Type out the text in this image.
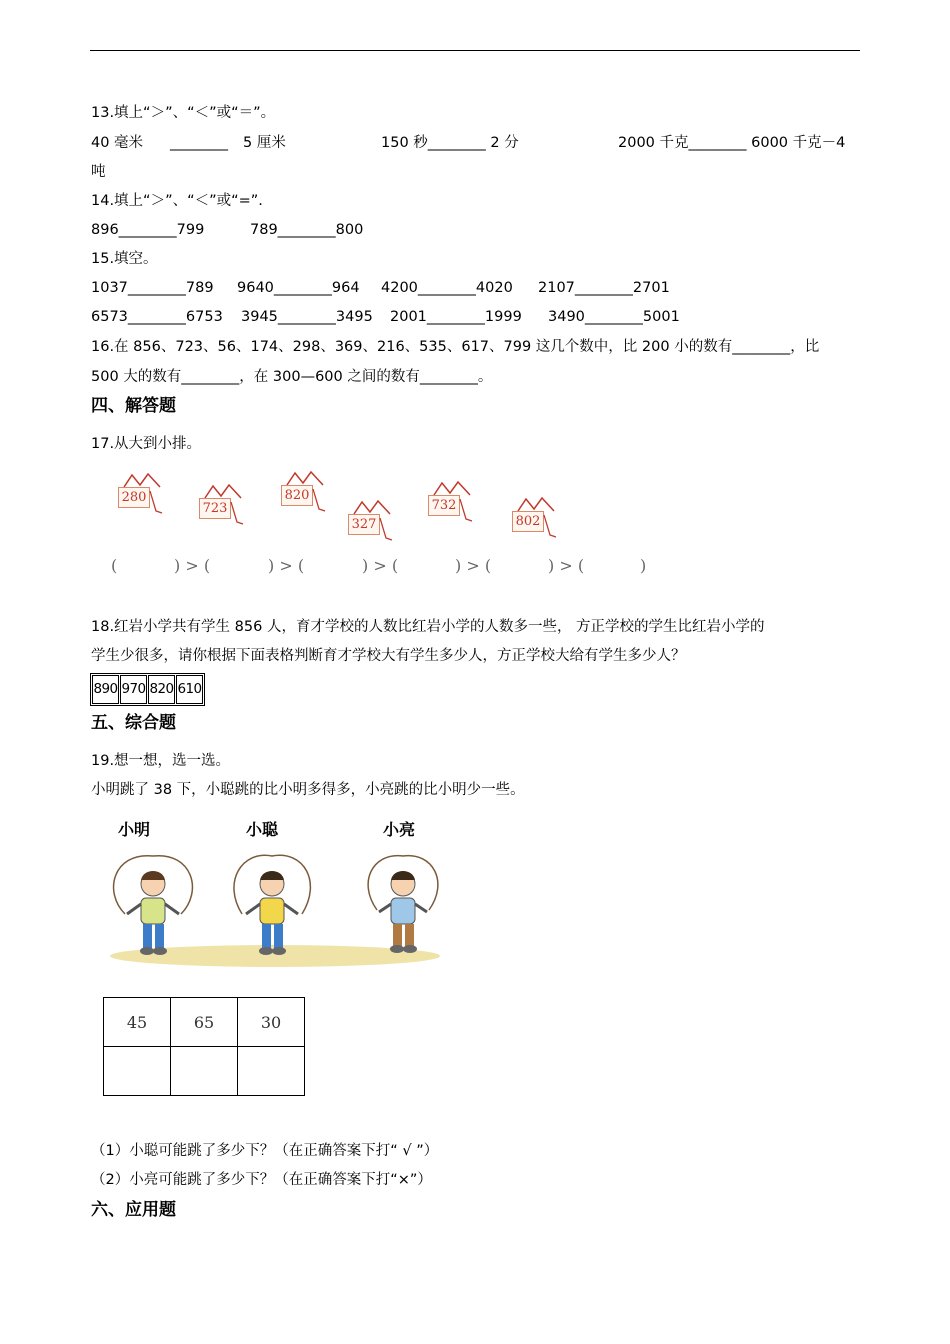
13.填上“＞”、“＜”或“＝”。
40 毫米 ________ 5 厘米	150 秒________ 2 分	2000 千克________ 6000 千克－4
吨
14.填上“＞”、“＜”或“=”.
896________799	789________800
15.填空。
1037________789 9640________964 4200________4020 2107________2701
6573________6753 3945________3495 2001________1999 3490________5001
16.在 856、723、56、174、298、369、216、535、617、799 这几个数中，比 200 小的数有________，比
500 大的数有________，在 300—600 之间的数有________。
四、解答题
17.从大到小排。
280
723
820
327
732
802
(	) > (	) > (	) > (	) > (	) > (	)
18.红岩小学共有学生 856 人，育才学校的人数比红岩小学的人数多一些， 方正学校的学生比红岩小学的
学生少很多，请你根据下面表格判断育才学校大有学生多少人，方正学校大给有学生多少人？
890 970 820 610
五、综合题
19.想一想，选一选。
小明跳了 38 下，小聪跳的比小明多得多，小亮跳的比小明少一些。
小明	小聪	小亮
45	65	30

（1）小聪可能跳了多少下？（在正确答案下打“ √ ”）
（2）小亮可能跳了多少下？（在正确答案下打“×”）
六、应用题
